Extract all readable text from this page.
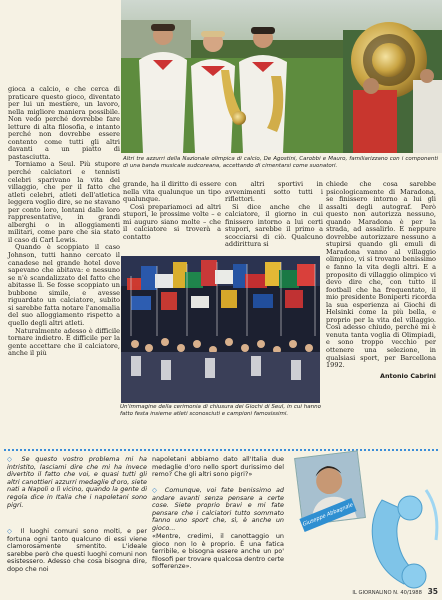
Altri tre azzurri della Nazionale olimpica di calcio, De Agostini, Carobbi e Mauro, familiarizzano con i componenti di una banda musicale sudcoreana, accettando di cimentarsi come suonatori.

gioca a calcio, e che cerca di praticare questo gioco, diventato per lui un mestiere, un lavoro, nella migliore maniera possibile. Non vedo perché dovrebbe fare letture di alta filosofia, e intanto perché non dovrebbe essere contento come tutti gli altri davanti a un piatto di pastasciutta.

Torniamo a Seul. Più stupore perché calciatori e tennisti celebri sparivano la vita del villaggio, che per il fatto che atleti celebri, atleti dell'atletica leggera voglio dire, se ne stavano per conto loro, lontani dalle loro rappresentative, in grandi alberghi o in alloggiamenti militari, come pare che sia stato il caso di Carl Lewis.

Quando è scoppiato il caso Johnson, tutti hanno cercato il canadese nel grande hotel dove sapevano che abitava: e nessuno se n'è scandalizzato del fatto che abitasse lì. Se fosse scoppiato un bubbone simile, e avesse riguardato un calciatore, subito si sarebbe fatta notare l'anomalia del suo alloggiamento rispetto a quello degli altri atleti.

Naturalmente adesso è difficile tornare indietro. È difficile per la gente accettare che il calciatore, anche il più

grande, ha il diritto di essere nella vita qualunque un tipo qualunque.

Così prepariamoci ad altri stupori, le prossime volte – e mi auguro siano molte – che il calciatore si troverà a contatto

con altri sportivi in avvenimenti sotto tutti i riflettori.

Si dice anche che il calciatore, il giorno in cui finissero intorno a lui certi stupori, sarebbe il primo a scocciarsi di ciò. Qualcuno addirittura si

chiede che cosa sarebbe psicologicamente di Maradona, se finissero intorno a lui gli assalti degli autograf. Però questo non autorizza nessuno, quando Maradona è per la strada, ad assalirlo. E neppure dovrebbe autorizzare nessuno a stupirsi quando gli emuli di Maradona vanno al villaggio olimpico, vi si trovano benissimo e fanno la vita degli altri. E a proposito di villaggio olimpico vi devo dire che, con tutto il football che ha frequentato, il mio presidente Boniperti ricorda la sua esperienza ai Giochi di Helsinki come la più bella, e proprio per la vita del villaggio. Così adesso chiudo, perché mi è venuta tanta voglia di Olimpiadi, e sono troppo vecchio per ottenere una selezione, in qualsiasi sport, per Barcellona 1992.

Antonio Cabrini
Un'immagine della cerimonia di chiusura dei Giochi di Seul, in cui hanno fatto festa insieme atleti sconosciuti e campioni famosissimi.

◇ Se questo vostro problema mi ha intristito, lasciami dire che mi ha invece divertito il fatto che voi, e quasi tutti gli altri canottieri azzurri medaglie d'oro, siete nati a Napoli o lì vicino, quando la gente di regola dice in Italia che i napoletani sono pigri.

◇ Il luoghi comuni sono molti, e per fortuna ogni tanto qualcuno di essi viene clamorosamente smentito. L'ideale sarebbe però che questi luoghi comuni non esistessero. Adesso che cosa bisogna dire, dopo che noi

napoletani abbiamo dato all'Italia due medaglie d'oro nello sport durissimo del remo? Che gli altri sono pigri?»

◇ Comunque, voi fate benissimo ad andare avanti senza pensare a certe cose. Siete proprio bravi e mi fate pensare che i calciatori tutto sommato fanno uno sport che, sì, è anche un gioco...

«Mentre, credimi, il canottaggio un gioco non lo è proprio. È una fatica terribile, e bisogna essere anche un po' filosofi per trovare qualcosa dentro certe sofferenze».

Giuseppe Abbagnale
IL GIORNALINO N. 40/1988 35
